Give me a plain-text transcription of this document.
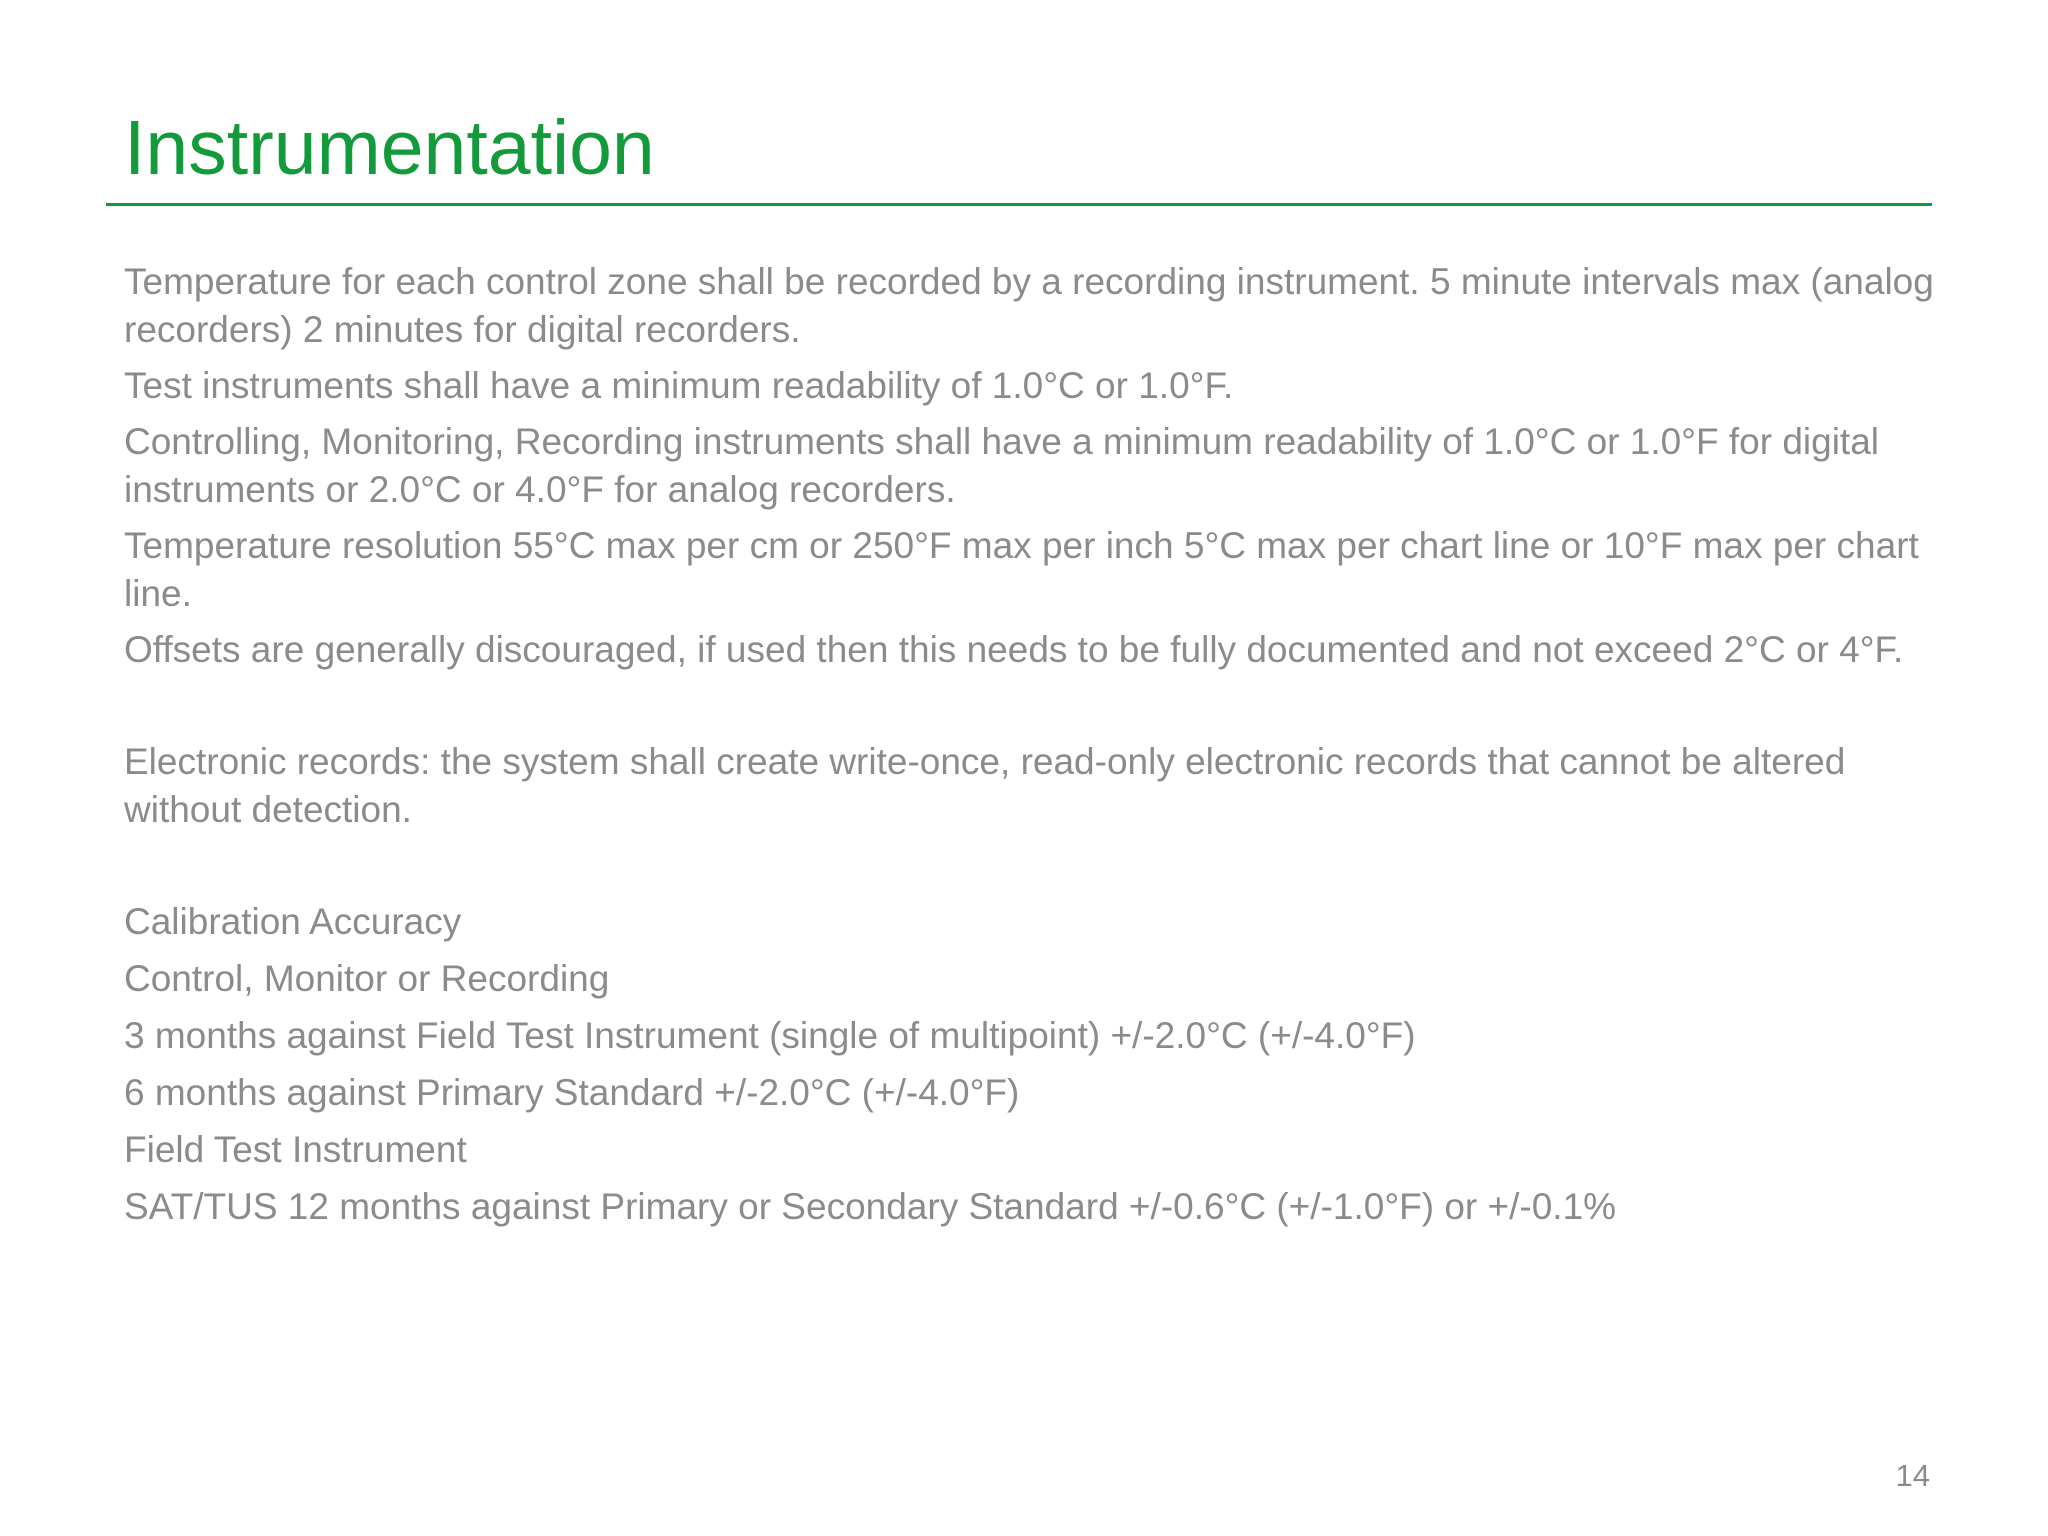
Instrumentation

Temperature for each control zone shall be recorded by a recording instrument. 5 minute intervals max (analog recorders) 2 minutes for digital recorders.

Test instruments shall have a minimum readability of 1.0°C or 1.0°F.

Controlling, Monitoring, Recording instruments shall have a minimum readability of 1.0°C or 1.0°F for digital instruments or 2.0°C or 4.0°F for analog recorders.

Temperature resolution 55°C max per cm or 250°F max per inch 5°C max per chart line or 10°F max per chart line.

Offsets are generally discouraged, if used then this needs to be fully documented and not exceed 2°C or 4°F.

Electronic records: the system shall create write-once, read-only electronic records that cannot be altered without detection.

Calibration Accuracy

Control, Monitor or Recording

3 months against Field Test Instrument (single of multipoint) +/-2.0°C (+/-4.0°F)

6 months against Primary Standard +/-2.0°C (+/-4.0°F)

Field Test Instrument

SAT/TUS 12 months against Primary or Secondary Standard +/-0.6°C (+/-1.0°F) or +/-0.1%

14
